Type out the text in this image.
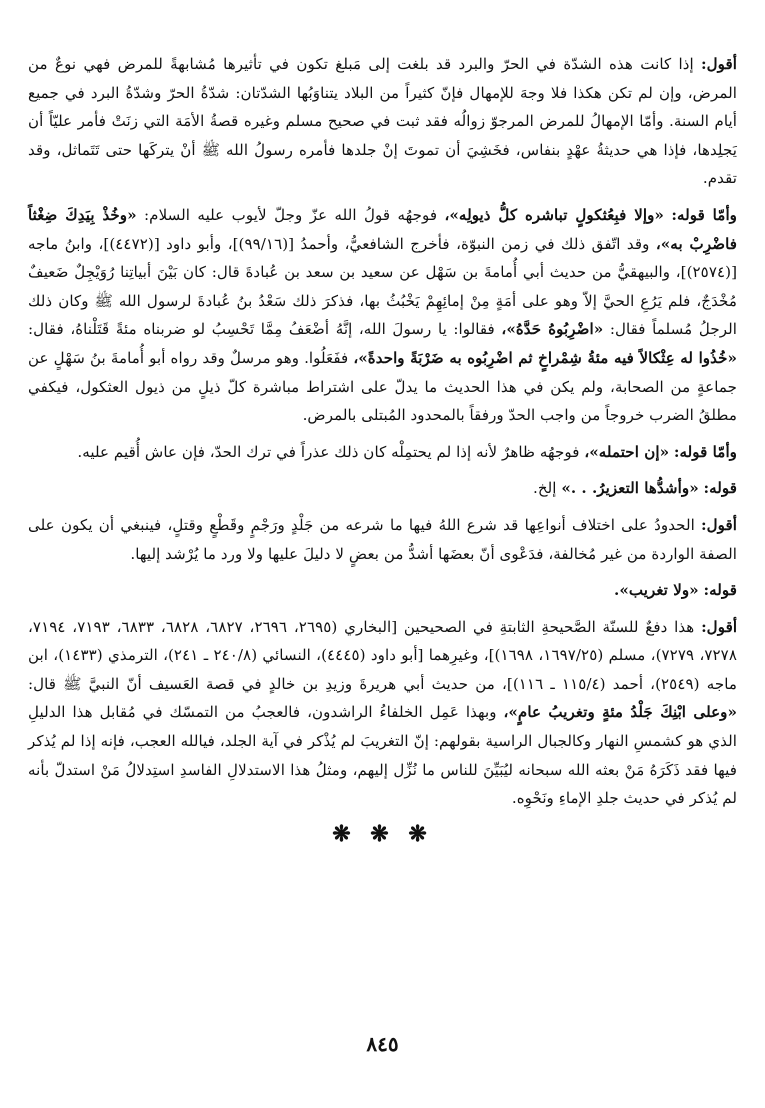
أقول: إذا كانت هذه الشدّة في الحرّ والبرد قد بلغت إلى مَبلغ تكون في تأثيرها مُشابهةً للمرض فهي نوعٌ من المرض، وإن لم تكن هكذا فلا وجهَ للإمهال فإنّ كثيراً من البلاد يتناوَبُها الشدّتان: شدّةُ الحرّ وشدّةُ البرد في جميع أيام السنة. وأمّا الإمهالُ للمرض المرجوّ زوالُه فقد ثبت في صحيح مسلم وغيره قصةُ الأمَة التي زنَتْ فأمر عليّاً أن يَجلِدها، فإذا هي حديثةُ عهْدٍ بنفاس، فخَشِيَ أن تموتَ إنْ جلدها فأمره رسولُ الله ﷺ أنْ يتركَها حتى تَتَماثل، وقد تقدم.

وأمّا قوله: «وإلا فبِعُثكولٍ تباشره كلُّ ذيولِه»، فوجهُه قولُ الله عزّ وجلّ لأيوب عليه السلام: «وخُذْ بِيَدِكَ ضِغْثاً فاضْرِبْ به»، وقد اتّفق ذلك في زمن النبوّة، فأخرج الشافعيُّ، وأحمدُ [(٩٩/١٦)]، وأبو داود [(٤٤٧٢)]، وابنُ ماجه [(٢٥٧٤)]، والبيهقيُّ من حديث أبي أُمامةَ بن سَهْل عن سعيد بن سعد بن عُبادةَ قال: كان بَيْنَ أبياتِنا رُوَيْجِلٌ ضَعيفٌ مُخْدَجٌ، فلم يَرُعِ الحيَّ إلاّ وهو على أمَةٍ مِنْ إمائِهِمْ يَخْبُثُ بها، فذكرَ ذلك سَعْدُ بنُ عُبادةَ لرسول الله ﷺ وكان ذلك الرجلُ مُسلماً فقال: «اضْرِبُوهُ حَدَّهُ»، فقالوا: يا رسولَ الله، إنَّهُ أضْعَفُ مِمَّا تَحْسِبُ لو ضربناه مئةً قَتَلْناهُ، فقال: «خُذُوا له عِثْكالاً فيه مئةُ شِمْراخٍ ثم اضْرِبُوه به ضَرْبَةً واحدةً»، ففَعَلُوا. وهو مرسلٌ وقد رواه أبو أُمامةَ بنُ سَهْلٍ عن جماعةٍ من الصحابة، ولم يكن في هذا الحديث ما يدلّ على اشتراط مباشرة كلّ ذيلٍ من ذيول العثكول، فيكفي مطلقُ الضرب خروجاً من واجب الحدّ ورفقاً بالمحدود المُبتلى بالمرض.

وأمّا قوله: «إن احتمله»، فوجهُه ظاهرٌ لأنه إذا لم يحتمِلْه كان ذلك عذراً في ترك الحدّ، فإن عاش أُقيم عليه.

قوله: «وأشدُّها التعزيرُ. . .» إلخ.

أقول: الحدودُ على اختلاف أنواعِها قد شرع اللهُ فيها ما شرعه من جَلْدٍ ورَجْمٍ وقَطْعٍ وقتلٍ، فينبغي أن يكون على الصفة الواردة من غير مُخالفة، فدَعْوى أنّ بعضَها أشدُّ من بعضٍ لا دليلَ عليها ولا ورد ما يُرْشد إليها.

قوله: «ولا تغريب».

أقول: هذا دفعٌ للسنّة الصَّحيحةِ الثابتةِ في الصحيحين [البخاري (٢٦٩٥، ٢٦٩٦، ٦٨٢٧، ٦٨٢٨، ٦٨٣٣، ٧١٩٣، ٧١٩٤، ٧٢٧٨، ٧٢٧٩)، مسلم (١٦٩٧/٢٥، ١٦٩٨)]، وغيرِهما [أبو داود (٤٤٤٥)، النسائي (٢٤٠/٨ ـ ٢٤١)، الترمذي (١٤٣٣)، ابن ماجه (٢٥٤٩)، أحمد (١١٥/٤ ـ ١١٦)]، من حديث أبي هريرةَ وزيدِ بن خالدٍ في قصة العَسيف أنّ النبيَّ ﷺ قال: «وعلى ابْنِكَ جَلْدُ مئةٍ وتغريبُ عامٍ»، وبهذا عَمِل الخلفاءُ الراشدون، فالعجبُ من التمسّك في مُقابل هذا الدليلِ الذي هو كشمسِ النهار وكالجبال الراسية بقولهم: إنّ التغريبَ لم يُذْكر في آية الجلد، فيالله العجب، فإنه إذا لم يُذكر فيها فقد ذَكَرَهُ مَنْ بعثه الله سبحانه ليُبَيِّنَ للناس ما نُزِّل إليهم، ومثلُ هذا الاستدلالِ الفاسدِ استِدلالُ مَنْ استدلّ بأنه لم يُذكر في حديث جلدِ الإماءِ ونَحْوِه.

❋ ❋ ❋
٨٤٥
